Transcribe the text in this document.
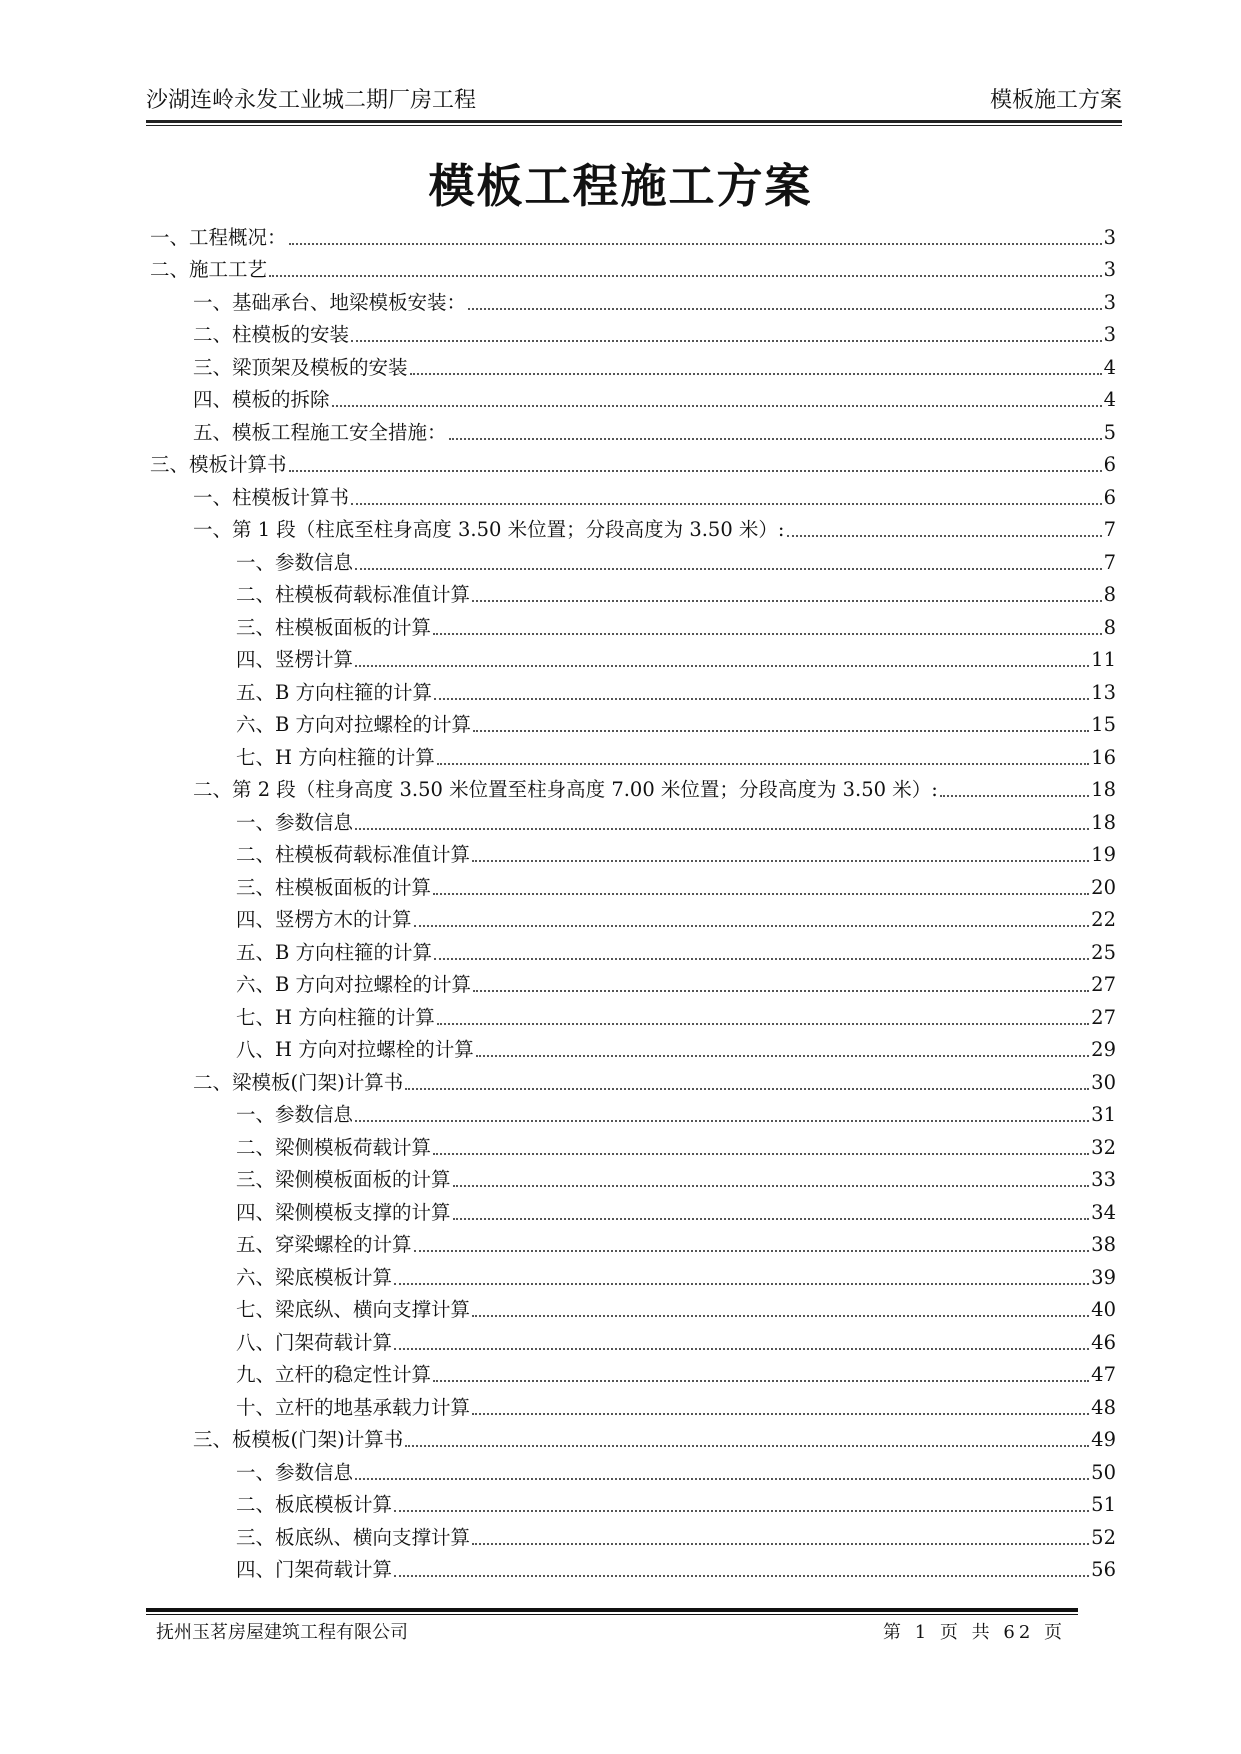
沙湖连岭永发工业城二期厂房工程	模板施工方案
模板工程施工方案
一、工程概况：	3
二、施工工艺	3
一、基础承台、地梁模板安装：	3
二、柱模板的安装	3
三、梁顶架及模板的安装	4
四、模板的拆除	4
五、模板工程施工安全措施：	5
三、模板计算书	6
一、柱模板计算书	6
一、第 1 段（柱底至柱身高度 3.50 米位置；分段高度为 3.50 米）:	7
一、参数信息	7
二、柱模板荷载标准值计算	8
三、柱模板面板的计算	8
四、竖楞计算	11
五、B 方向柱箍的计算	13
六、B 方向对拉螺栓的计算	15
七、H 方向柱箍的计算	16
二、第 2 段（柱身高度 3.50 米位置至柱身高度 7.00 米位置；分段高度为 3.50 米）:	18
一、参数信息	18
二、柱模板荷载标准值计算	19
三、柱模板面板的计算	20
四、竖楞方木的计算	22
五、B 方向柱箍的计算	25
六、B 方向对拉螺栓的计算	27
七、H 方向柱箍的计算	27
八、H 方向对拉螺栓的计算	29
二、梁模板(门架)计算书	30
一、参数信息	31
二、梁侧模板荷载计算	32
三、梁侧模板面板的计算	33
四、梁侧模板支撑的计算	34
五、穿梁螺栓的计算	38
六、梁底模板计算	39
七、梁底纵、横向支撑计算	40
八、门架荷载计算	46
九、立杆的稳定性计算	47
十、立杆的地基承载力计算	48
三、板模板(门架)计算书	49
一、参数信息	50
二、板底模板计算	51
三、板底纵、横向支撑计算	52
四、门架荷载计算	56
抚州玉茗房屋建筑工程有限公司	第 1 页 共 62 页
